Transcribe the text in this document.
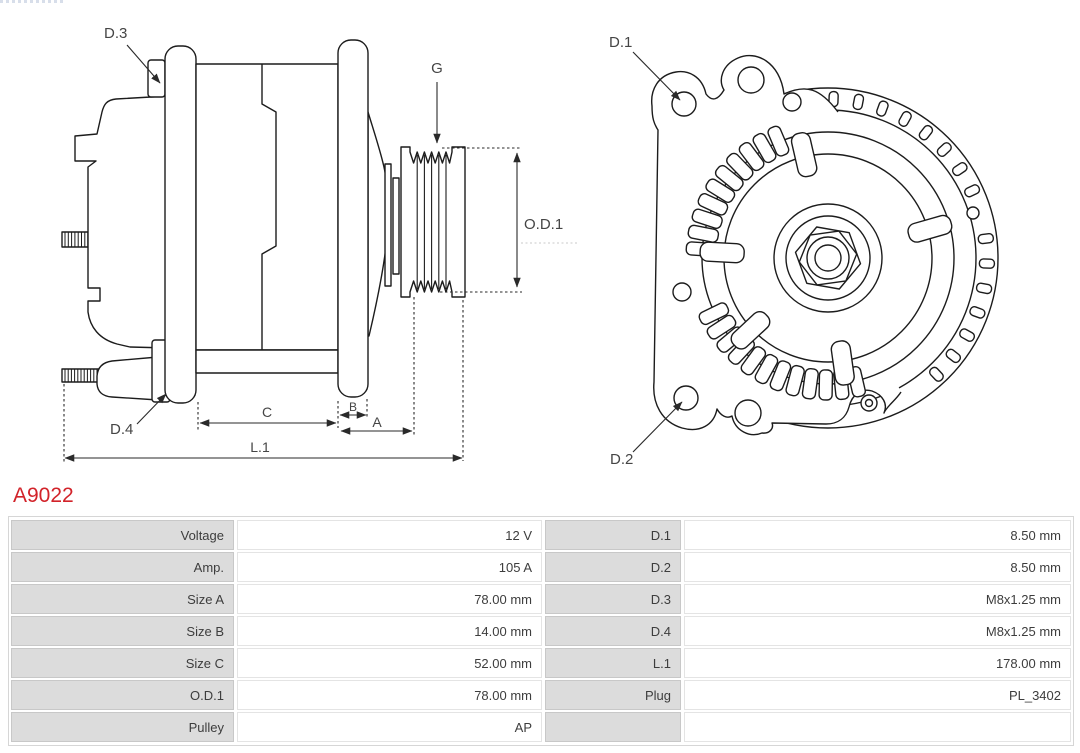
D.3
G
O.D.1
D.4
C	B
A
L.1
D.1
D.2
A9022
Voltage	12 V	D.1	8.50 mm
Amp.	105 A	D.2	8.50 mm
Size A	78.00 mm	D.3	M8x1.25 mm
Size B	14.00 mm	D.4	M8x1.25 mm
Size C	52.00 mm	L.1	178.00 mm
O.D.1	78.00 mm	Plug	PL_3402
Pulley	AP
